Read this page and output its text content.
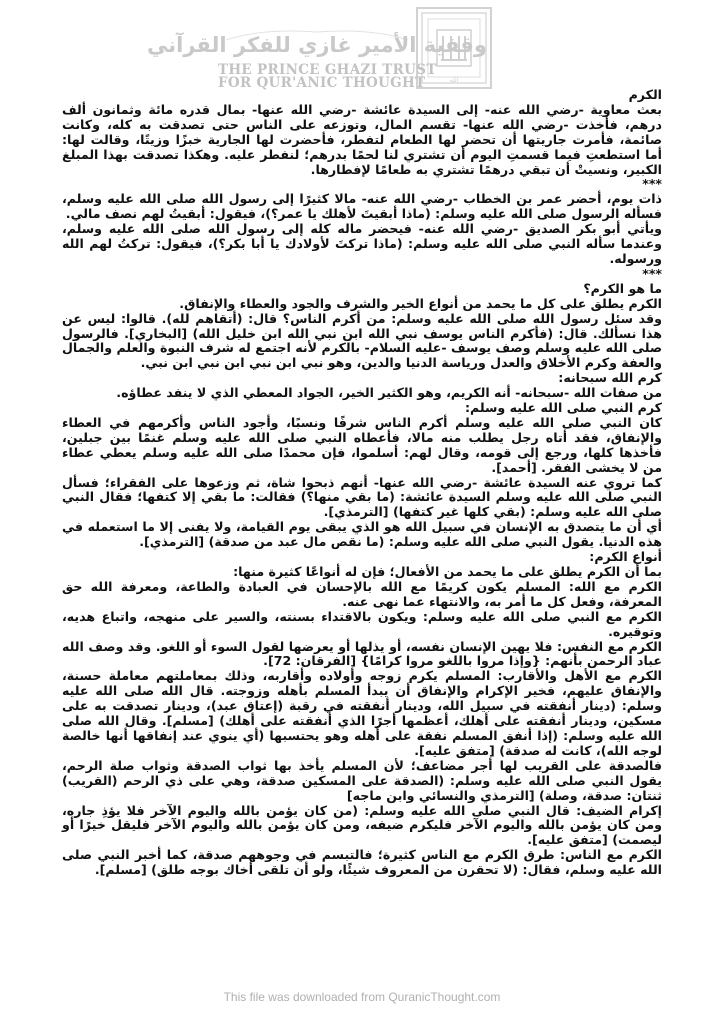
الله
وقفية الأمير غازي للفكر القرآني
THE PRINCE GHAZI TRUST
FOR QUR'ANIC THOUGHT

الكرم

بعث معاوية -رضي الله عنه- إلى السيدة عائشة -رضي الله عنها- بمال قدره مائة وثمانون ألف درهم، فأخذت -رضي الله عنها- تقسم المال، وتوزعه على الناس حتى تصدقت به كله، وكانت صائمة، فأمرت جاريتها أن تحضر لها الطعام لتفطر، فأحضرت لها الجارية خبزًا وزيتًا، وقالت لها: أما استطعتِ فيما قسمتِ اليوم أن تشتري لنا لحمًا بدرهم؛ لنفطر عليه. وهكذا تصدقت بهذا المبلغ الكبير، ونسيتْ أن تبقي درهمًا تشتري به طعامًا لإفطارها.

***

ذات يوم، أحضر عمر بن الخطاب -رضي الله عنه- مالا كثيرًا إلى رسول الله صلى الله عليه وسلم، فسأله الرسول صلى الله عليه وسلم: (ماذا أبقيتَ لأهلك يا عمر؟)، فيقول: أبقيتُ لهم نصف مالي.

ويأتي أبو بكر الصديق -رضي الله عنه- فيحضر ماله كله إلى رسول الله صلى الله عليه وسلم، وعندما سأله النبي صلى الله عليه وسلم: (ماذا تركتَ لأولادك يا أبا بكر؟)، فيقول: تركتُ لهم الله ورسوله.

***

ما هو الكرم؟

الكرم يطلق على كل ما يحمد من أنواع الخير والشرف والجود والعطاء والإنفاق.

وقد سئل رسول الله صلى الله عليه وسلم: من أكرم الناس؟ قال: (أتقاهم لله). قالوا: ليس عن هذا نسألك. قال: (فأكرم الناس يوسف نبي الله ابن نبي الله ابن خليل الله) [البخاري]. فالرسول صلى الله عليه وسلم وصف يوسف -عليه السلام- بالكرم لأنه اجتمع له شرف النبوة والعلم والجمال والعفة وكرم الأخلاق والعدل ورياسة الدنيا والدين، وهو نبي ابن نبي ابن نبي ابن نبي.

كرم الله سبحانه:

من صفات الله -سبحانه- أنه الكريم، وهو الكثير الخير، الجواد المعطي الذي لا ينفد عطاؤه.

كرم النبي صلى الله عليه وسلم:

كان النبي صلى الله عليه وسلم أكرم الناس شرفًا ونسبًا، وأجود الناس وأكرمهم في العطاء والإنفاق، فقد أتاه رجل يطلب منه مالا، فأعطاه النبي صلى الله عليه وسلم غنمًا بين جبلين، فأخذها كلها، ورجع إلى قومه، وقال لهم: أسلموا، فإن محمدًا صلى الله عليه وسلم يعطي عطاء من لا يخشى الفقر. [أحمد].

كما تروي عنه السيدة عائشة -رضي الله عنها- أنهم ذبحوا شاة، ثم وزعوها على الفقراء؛ فسأل النبي صلى الله عليه وسلم السيدة عائشة: (ما بقي منها؟) فقالت: ما بقي إلا كتفها؛ فقال النبي صلى الله عليه وسلم: (بقي كلها غير كتفها) [الترمذي].

أي أن ما يتصدق به الإنسان في سبيل الله هو الذي يبقى يوم القيامة، ولا يفنى إلا ما استعمله في هذه الدنيا. يقول النبي صلى الله عليه وسلم: (ما نقص مال عبد من صدقة) [الترمذي].

أنواع الكرم:

بما أن الكرم يطلق على ما يحمد من الأفعال؛ فإن له أنواعًا كثيرة منها:

الكرم مع الله: المسلم يكون كريمًا مع الله بالإحسان في العبادة والطاعة، ومعرفة الله حق المعرفة، وفعل كل ما أمر به، والانتهاء عما نهى عنه.

الكرم مع النبي صلى الله عليه وسلم: ويكون بالاقتداء بسنته، والسير على منهجه، واتباع هديه، وتوقيره.

الكرم مع النفس: فلا يهين الإنسان نفسه، أو يذلها أو يعرضها لقول السوء أو اللغو. وقد وصف الله عباد الرحمن بأنهم: {وإذا مروا باللغو مروا كرامًا} [الفرقان: 72].

الكرم مع الأهل والأقارب: المسلم يكرم زوجه وأولاده وأقاربه، وذلك بمعاملتهم معاملة حسنة، والإنفاق عليهم، فخير الإكرام والإنفاق أن يبدأ المسلم بأهله وزوجته. قال الله صلى الله عليه وسلم: (دينار أنفقته في سبيل الله، ودينار أنفقته في رقبة (إعتاق عبد)، ودينار تصدقت به على مسكين، ودينار أنفقته على أهلك، أعظمها أجرًا الذي أنفقته على أهلك) [مسلم]. وقال الله صلى الله عليه وسلم: (إذا أنفق المسلم نفقة على أهله وهو يحتسبها (أي ينوي عند إنفاقها أنها خالصة لوجه الله)، كانت له صدقة) [متفق عليه].

فالصدقة على القريب لها أجر مضاعف؛ لأن المسلم يأخذ بها ثواب الصدقة وثواب صلة الرحم، يقول النبي صلى الله عليه وسلم: (الصدقة على المسكين صدقة، وهي على ذي الرحم (القريب) ثنتان: صدقة، وصلة) [الترمذي والنسائي وابن ماجه]

إكرام الضيف: قال النبي صلى الله عليه وسلم: (من كان يؤمن بالله واليوم الآخر فلا يؤذِ جاره، ومن كان يؤمن بالله واليوم الآخر فليكرم ضيفه، ومن كان يؤمن بالله واليوم الآخر فليقل خيرًا أو ليصمت) [متفق عليه].

الكرم مع الناس: طرق الكرم مع الناس كثيرة؛ فالتبسم في وجوههم صدقة، كما أخبر النبي صلى الله عليه وسلم، فقال: (لا تحقرن من المعروف شيئًا، ولو أن تلقى أخاك بوجه طلق) [مسلم].

This file was downloaded from QuranicThought.com
